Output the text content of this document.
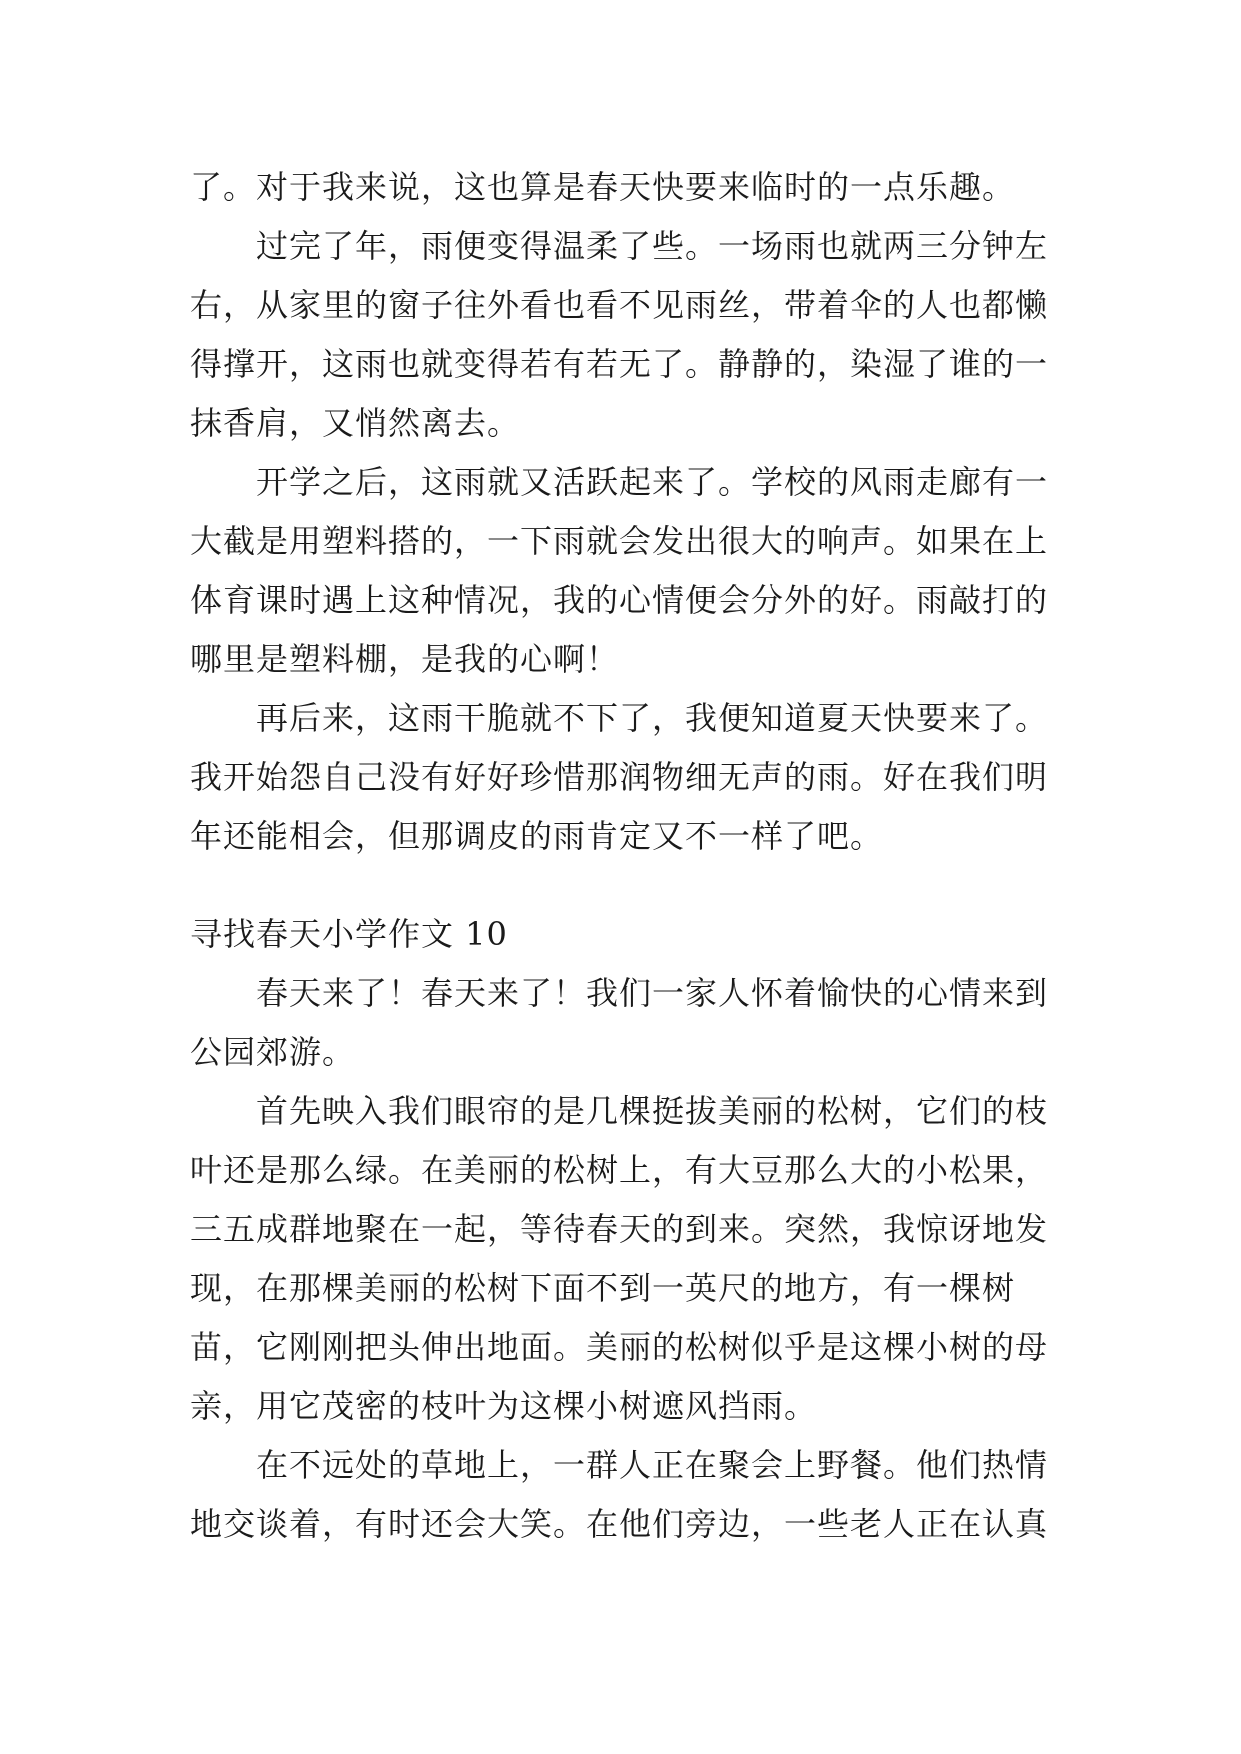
了。对于我来说，这也算是春天快要来临时的一点乐趣。

过完了年，雨便变得温柔了些。一场雨也就两三分钟左右，从家里的窗子往外看也看不见雨丝，带着伞的人也都懒得撑开，这雨也就变得若有若无了。静静的，染湿了谁的一抹香肩，又悄然离去。

开学之后，这雨就又活跃起来了。学校的风雨走廊有一大截是用塑料搭的，一下雨就会发出很大的响声。如果在上体育课时遇上这种情况，我的心情便会分外的好。雨敲打的哪里是塑料棚，是我的心啊！

再后来，这雨干脆就不下了，我便知道夏天快要来了。我开始怨自己没有好好珍惜那润物细无声的雨。好在我们明年还能相会，但那调皮的雨肯定又不一样了吧。

寻找春天小学作文 10

春天来了！春天来了！我们一家人怀着愉快的心情来到公园郊游。

首先映入我们眼帘的是几棵挺拔美丽的松树，它们的枝叶还是那么绿。在美丽的松树上，有大豆那么大的小松果，三五成群地聚在一起，等待春天的到来。突然，我惊讶地发现，在那棵美丽的松树下面不到一英尺的地方，有一棵树苗，它刚刚把头伸出地面。美丽的松树似乎是这棵小树的母亲，用它茂密的枝叶为这棵小树遮风挡雨。

在不远处的草地上，一群人正在聚会上野餐。他们热情地交谈着，有时还会大笑。在他们旁边，一些老人正在认真
